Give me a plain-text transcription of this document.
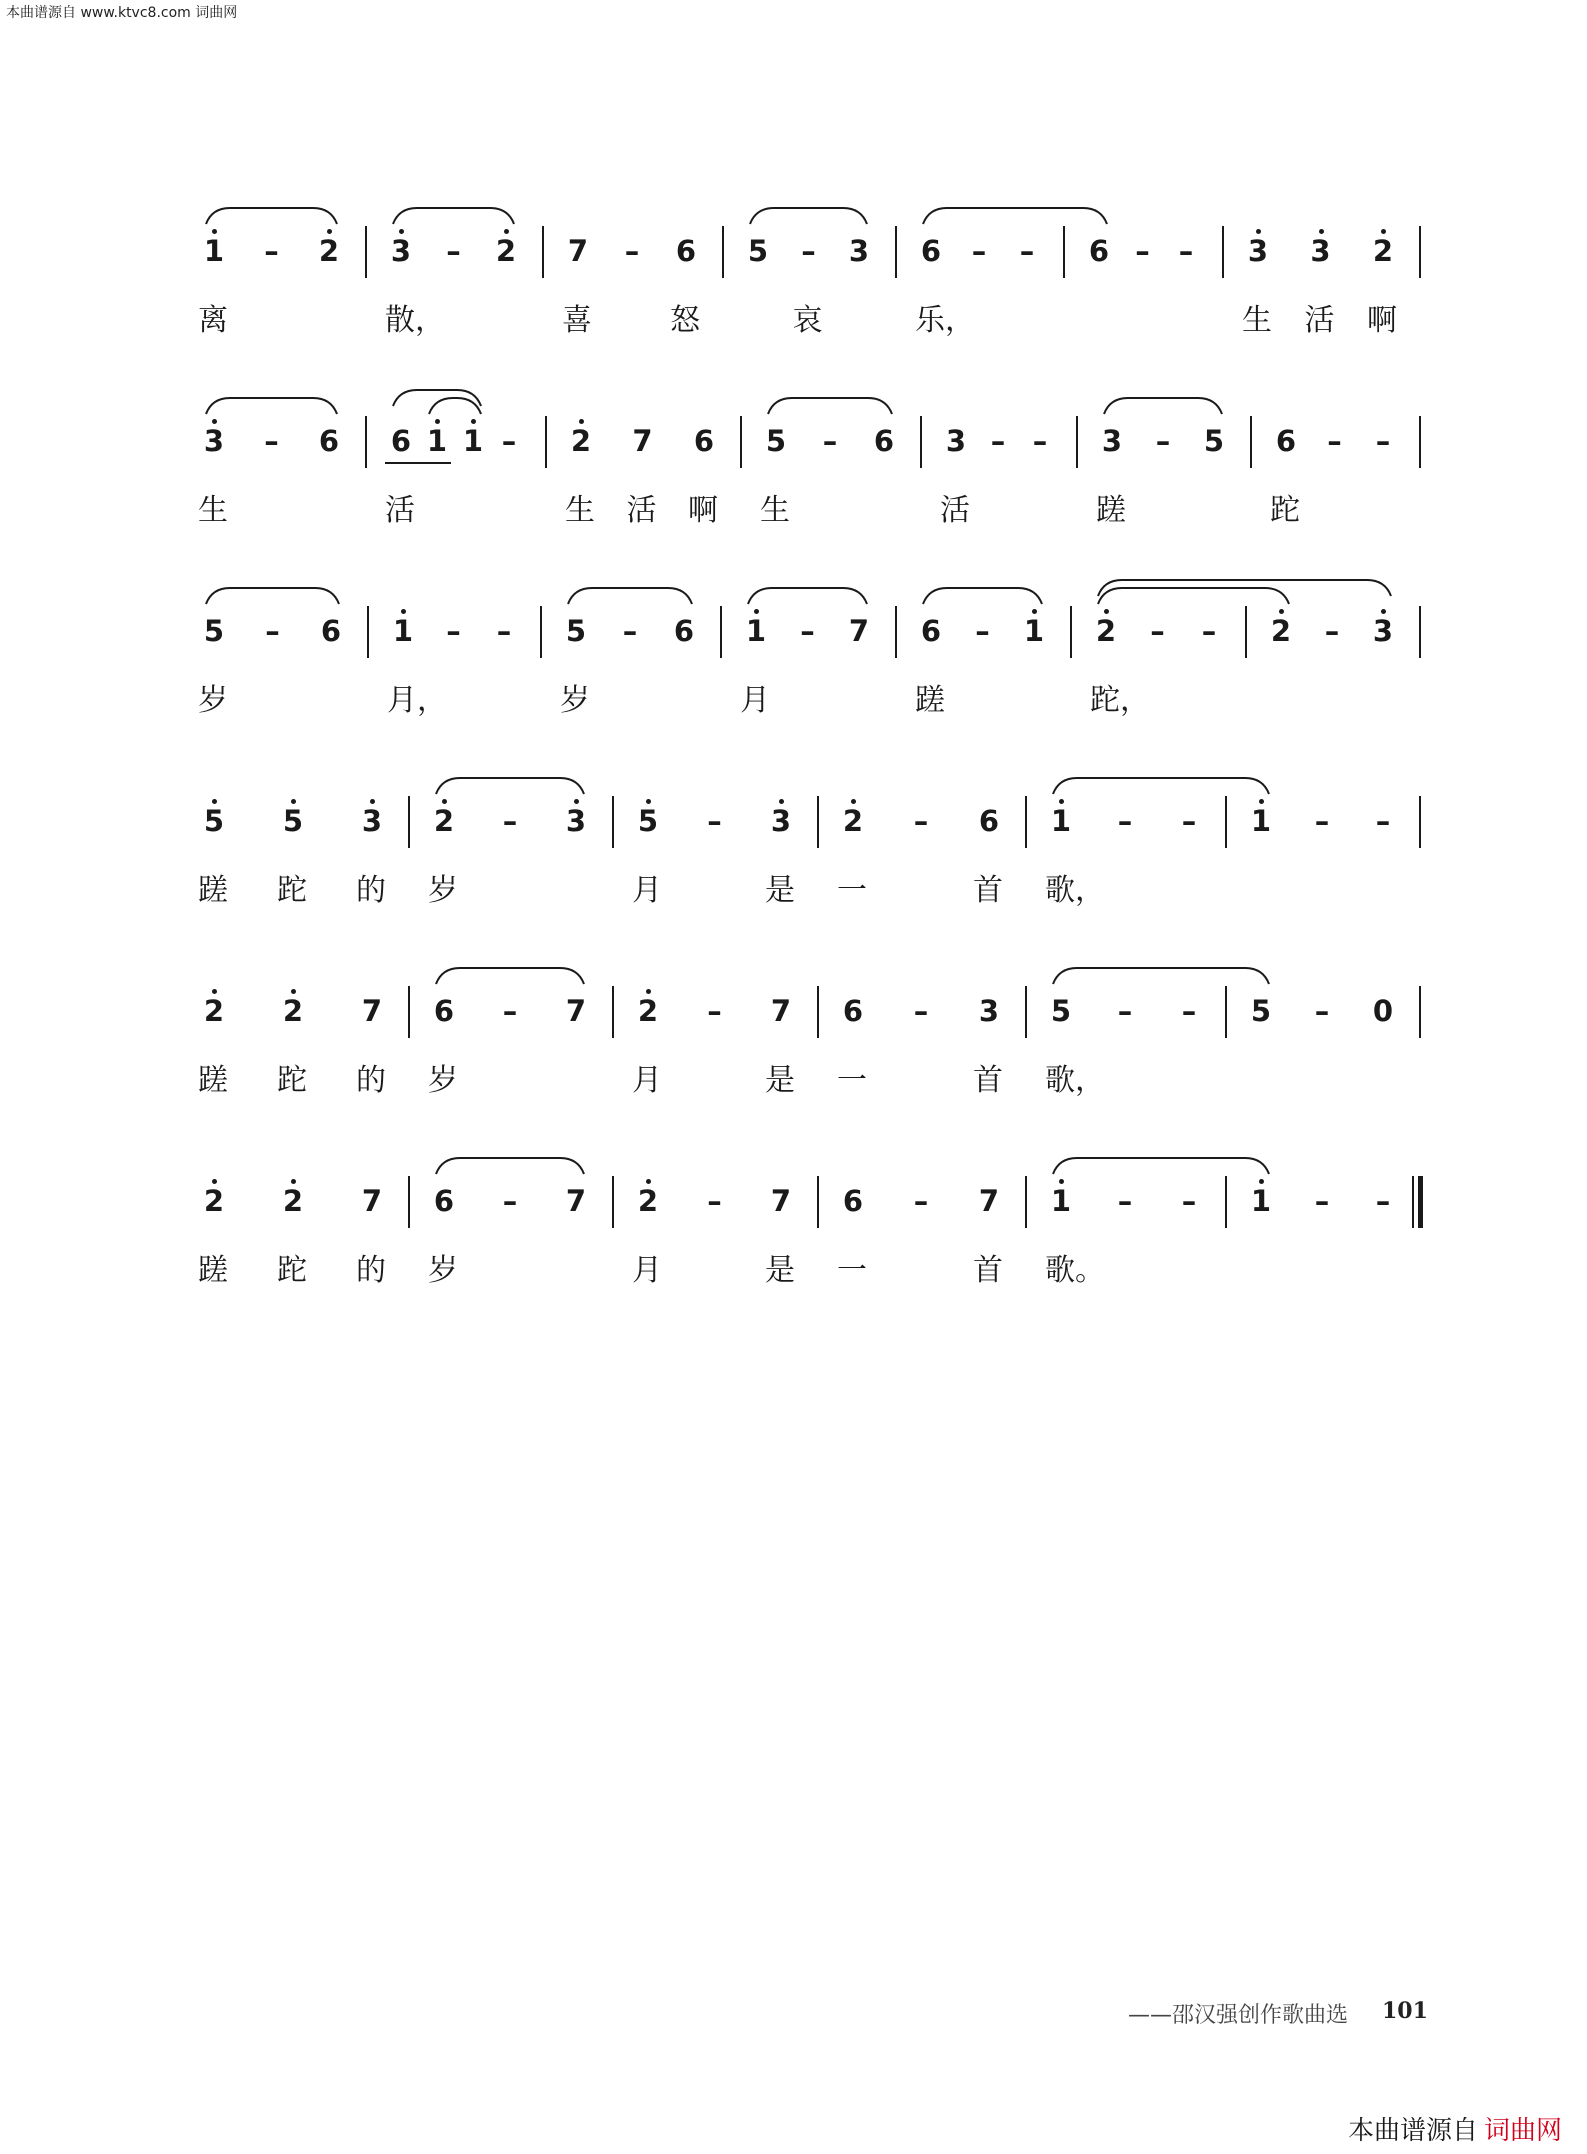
本曲谱源自 www.ktvc8.com 词曲网
1 – 2 3 – 2 7 – 6 5 – 3 6 – – 6 – – 3 3 2
离	散，	喜	怒	哀	乐，	生 活 啊
3 – 6 6 1 1 – 2 7 6 5 – 6 3 – – 3 – 5 6 – –
生	活	生 活 啊 生	活	蹉	跎
5 – 6 1 – – 5 – 6 1 – 7 6 – 1 2 – – 2 – 3
岁	月，	岁	月	蹉	跎，
5 5 3 2 – 3 5 – 3 2 – 6 1 – – 1 – –
蹉 跎 的 岁	月	是 一	首 歌，
2 2 7 6 – 7 2 – 7 6 – 3 5 – – 5 – 0
蹉 跎 的 岁	月	是 一	首 歌，
2 2 7 6 – 7 2 – 7 6 – 7 1 – – 1 – –
蹉 跎 的 岁	月	是 一	首 歌。
——邵汉强创作歌曲选 101
本曲谱源自 词曲网
